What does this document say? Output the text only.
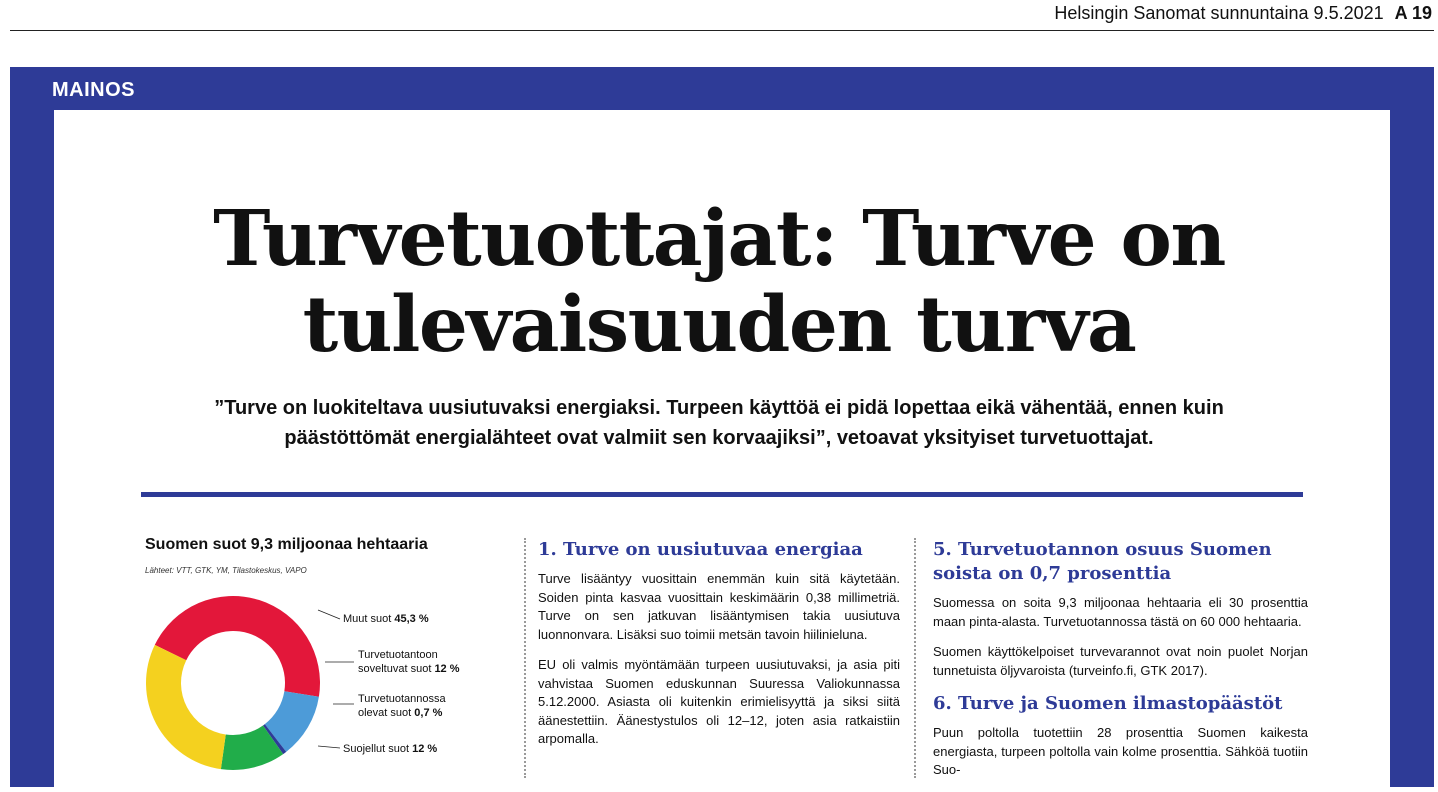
Helsingin Sanomat sunnuntaina 9.5.2021 A 19
MAINOS
Turvetuottajat: Turve on
tulevaisuuden turva
”Turve on luokiteltava uusiutuvaksi energiaksi. Turpeen käyttöä ei pidä lopettaa eikä vähentää, ennen kuin
päästöttömät energialähteet ovat valmiit sen korvaajiksi”, vetoavat yksityiset turvetuottajat.
Suomen suot 9,3 miljoonaa hehtaaria
Lähteet: VTT, GTK, YM, Tilastokeskus, VAPO
Muut suot 45,3 %
Turvetuotantoon
soveltuvat suot 12 %
Turvetuotannossa
olevat suot 0,7 %
Suojellut suot 12 %
1. Turve on uusiutuvaa energiaa

Turve lisääntyy vuosittain enemmän kuin sitä käytetään. Soiden pinta kasvaa vuosittain keskimäärin 0,38 millimetriä. Turve on sen jatkuvan lisääntymisen takia uusiutuva luonnonvara. Lisäksi suo toimii metsän tavoin hiilinieluna.

EU oli valmis myöntämään turpeen uusiutuvaksi, ja asia piti vahvistaa Suomen eduskunnan Suuressa Valiokunnassa 5.12.2000. Asiasta oli kuitenkin erimielisyyttä ja siksi siitä äänestettiin. Äänestystulos oli 12–12, joten asia ratkaistiin arpomalla.

5. Turvetuotannon osuus Suomen soista on 0,7 prosenttia

Suomessa on soita 9,3 miljoonaa hehtaaria eli 30 prosenttia maan pinta-alasta. Turvetuotannossa tästä on 60 000 hehtaaria.

Suomen käyttökelpoiset turvevarannot ovat noin puolet Norjan tunnetuista öljyvaroista (turveinfo.fi, GTK 2017).

6. Turve ja Suomen ilmastopäästöt

Puun poltolla tuotettiin 28 prosenttia Suomen kaikesta energiasta, turpeen poltolla vain kolme prosenttia. Sähköä tuotiin Suo-
